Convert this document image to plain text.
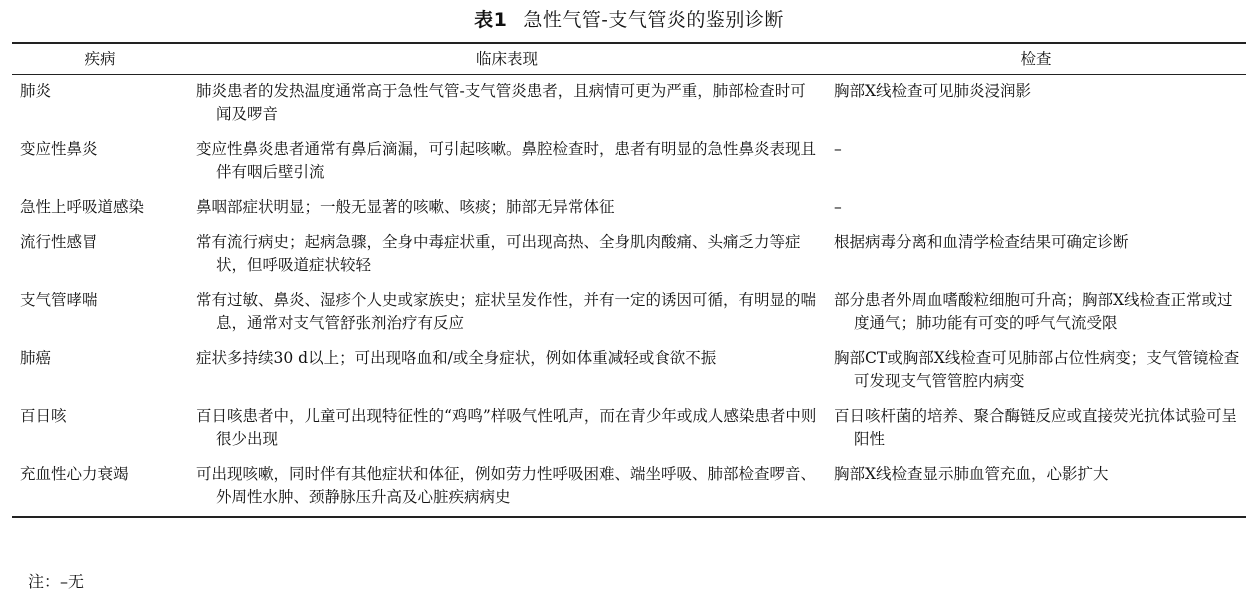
表1 急性气管-支气管炎的鉴别诊断
疾病	临床表现	检查
肺炎	肺炎患者的发热温度通常高于急性气管-支气管炎患者，且病情可更为严重，肺部检查时可闻及啰音	胸部X线检查可见肺炎浸润影

变应性鼻炎	变应性鼻炎患者通常有鼻后滴漏，可引起咳嗽。鼻腔检查时，患者有明显的急性鼻炎表现且伴有咽后壁引流	–

急性上呼吸道感染	鼻咽部症状明显；一般无显著的咳嗽、咳痰；肺部无异常体征	–

流行性感冒	常有流行病史；起病急骤，全身中毒症状重，可出现高热、全身肌肉酸痛、头痛乏力等症状，但呼吸道症状较轻	根据病毒分离和血清学检查结果可确定诊断

支气管哮喘	常有过敏、鼻炎、湿疹个人史或家族史；症状呈发作性，并有一定的诱因可循，有明显的喘息，通常对支气管舒张剂治疗有反应	部分患者外周血嗜酸粒细胞可升高；胸部X线检查正常或过度通气；肺功能有可变的呼气气流受限

肺癌	症状多持续30 d以上；可出现咯血和/或全身症状，例如体重减轻或食欲不振	胸部CT或胸部X线检查可见肺部占位性病变；支气管镜检查可发现支气管管腔内病变

百日咳	百日咳患者中，儿童可出现特征性的“鸡鸣”样吸气性吼声，而在青少年或成人感染患者中则很少出现	百日咳杆菌的培养、聚合酶链反应或直接荧光抗体试验可呈阳性

充血性心力衰竭	可出现咳嗽，同时伴有其他症状和体征，例如劳力性呼吸困难、端坐呼吸、肺部检查啰音、外周性水肿、颈静脉压升高及心脏疾病病史	胸部X线检查显示肺血管充血，心影扩大
注：–无
